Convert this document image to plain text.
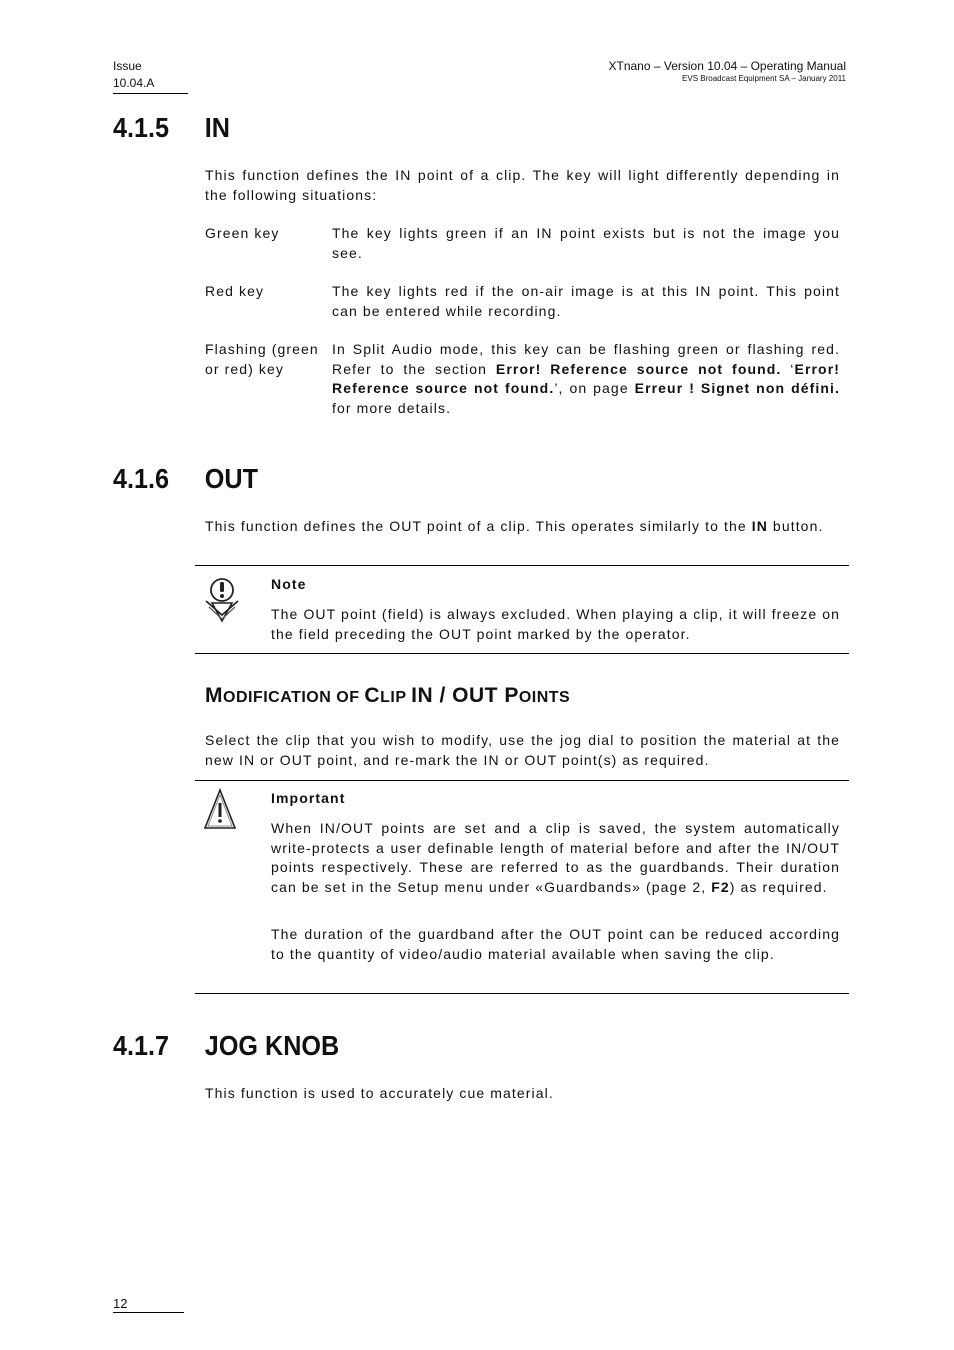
Issue
10.04.A
XTnano – Version 10.04 – Operating Manual
EVS Broadcast Equipment SA – January 2011
4.1.5 IN
This function defines the IN point of a clip. The key will light differently depending in the following situations:
Green key	The key lights green if an IN point exists but is not the image you see.
Red key	The key lights red if the on-air image is at this IN point. This point can be entered while recording.
Flashing (green or red) key
In Split Audio mode, this key can be flashing green or flashing red. Refer to the section Error! Reference source not found. ‘Error! Reference source not found.’, on page Erreur ! Signet non défini. for more details.
4.1.6 OUT
This function defines the OUT point of a clip. This operates similarly to the IN button.
Note
The OUT point (field) is always excluded. When playing a clip, it will freeze on the field preceding the OUT point marked by the operator.
MODIFICATION OF CLIP IN / OUT POINTS
Select the clip that you wish to modify, use the jog dial to position the material at the new IN or OUT point, and re-mark the IN or OUT point(s) as required.
Important
When IN/OUT points are set and a clip is saved, the system automatically write-protects a user definable length of material before and after the IN/OUT points respectively. These are referred to as the guardbands. Their duration can be set in the Setup menu under «Guardbands» (page 2, F2) as required.
The duration of the guardband after the OUT point can be reduced according to the quantity of video/audio material available when saving the clip.
4.1.7 JOG KNOB
This function is used to accurately cue material.
12
